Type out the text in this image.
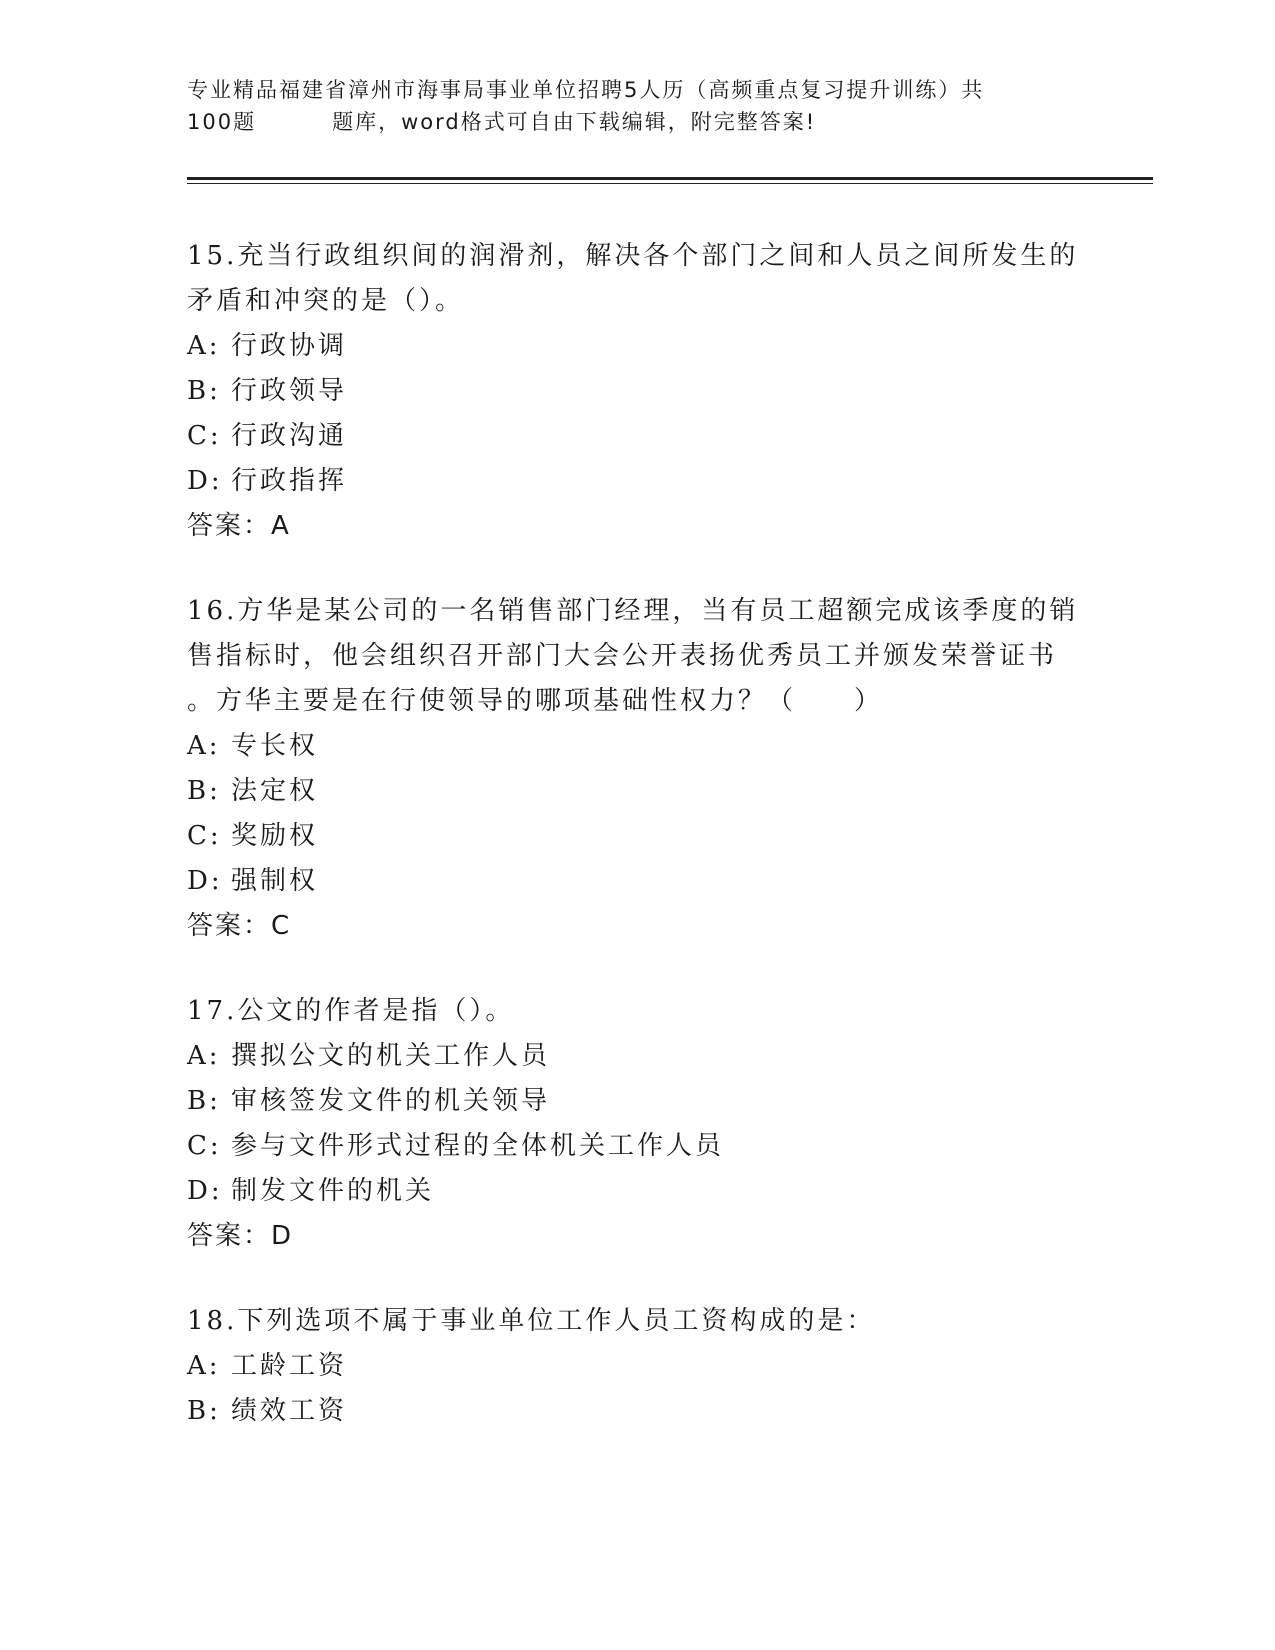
专业精品福建省漳州市海事局事业单位招聘5人历（高频重点复习提升训练）共
100题	题库，word格式可自由下载编辑，附完整答案!

15.充当行政组织间的润滑剂，解决各个部门之间和人员之间所发生的
矛盾和冲突的是（）。

A: 行政协调

B: 行政领导

C: 行政沟通

D: 行政指挥

答案：A

16.方华是某公司的一名销售部门经理，当有员工超额完成该季度的销
售指标时，他会组织召开部门大会公开表扬优秀员工并颁发荣誉证书
。方华主要是在行使领导的哪项基础性权力？（　　）

A: 专长权

B: 法定权

C: 奖励权

D: 强制权

答案：C

17.公文的作者是指（）。

A: 撰拟公文的机关工作人员

B: 审核签发文件的机关领导

C: 参与文件形式过程的全体机关工作人员

D: 制发文件的机关

答案：D

18.下列选项不属于事业单位工作人员工资构成的是：

A: 工龄工资

B: 绩效工资
